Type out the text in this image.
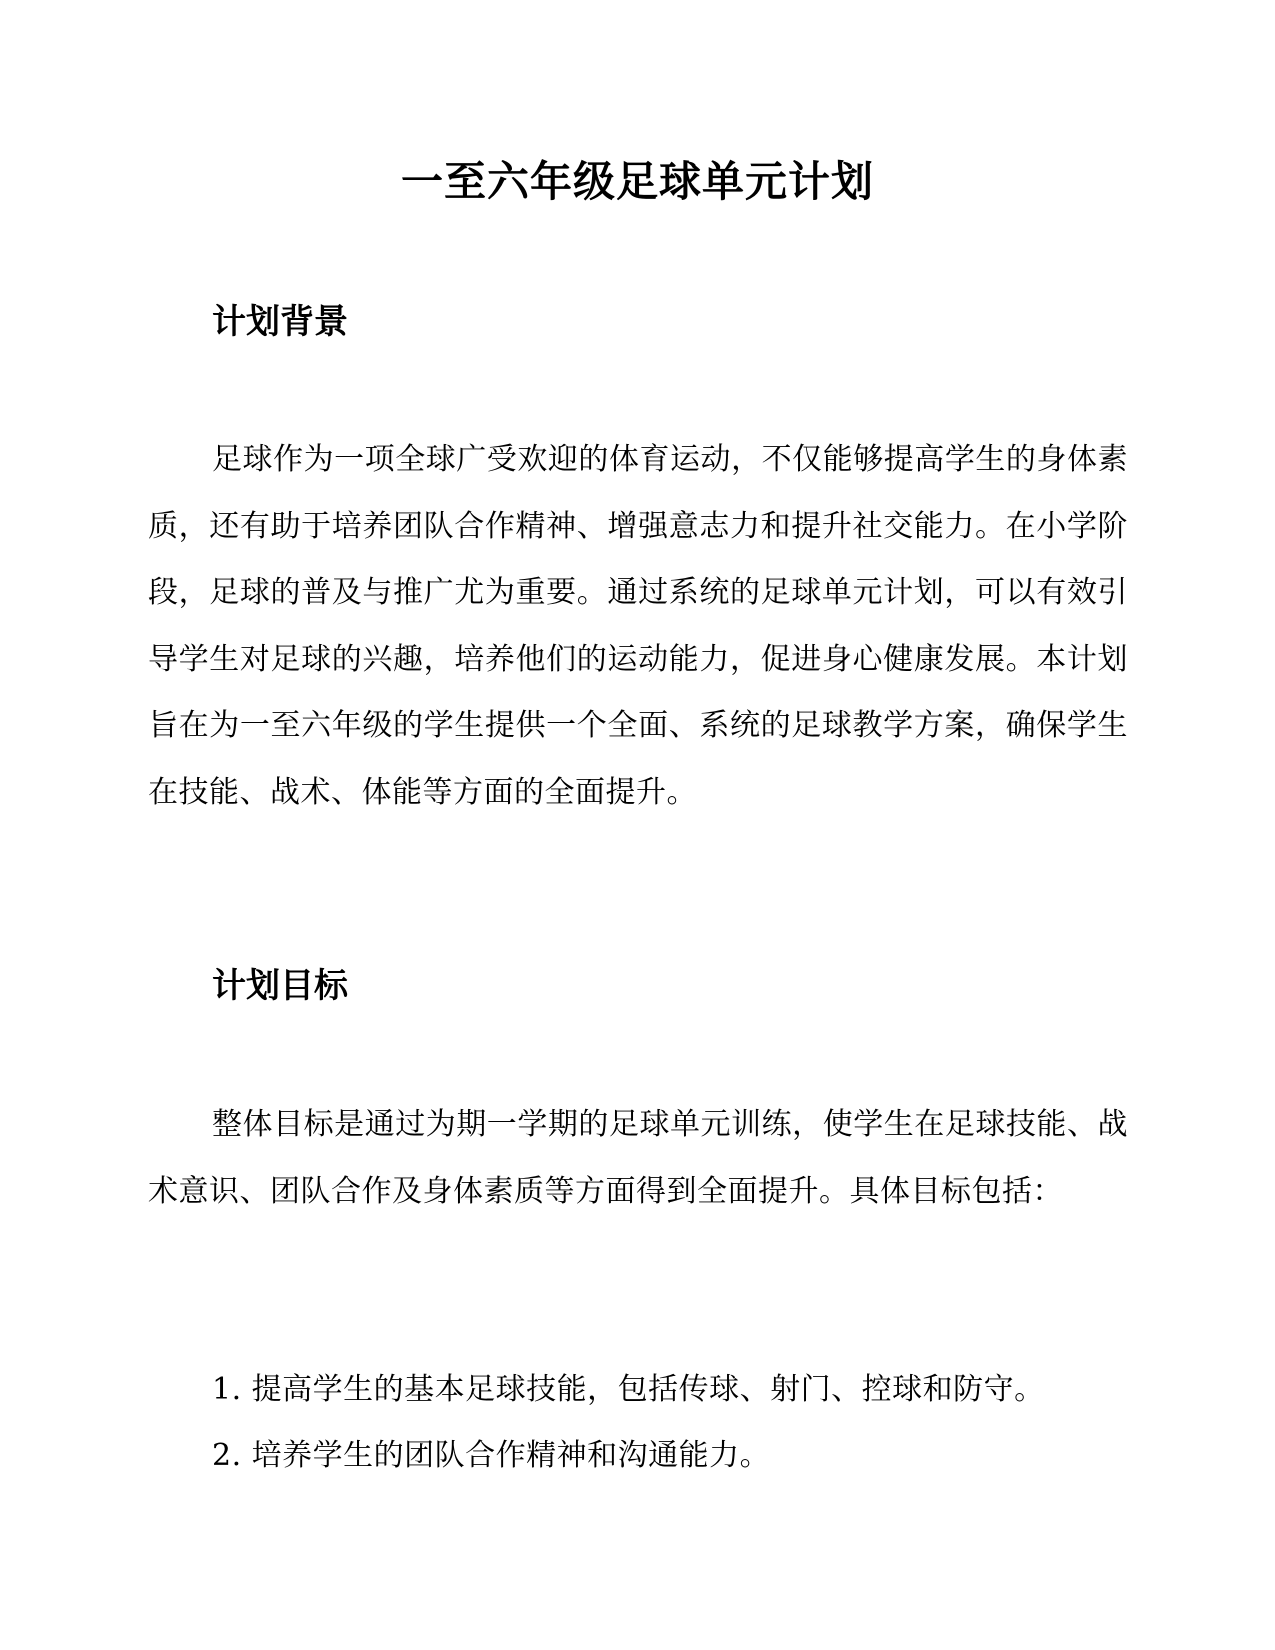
一至六年级足球单元计划
计划背景

足球作为一项全球广受欢迎的体育运动，不仅能够提高学生的身体素质，还有助于培养团队合作精神、增强意志力和提升社交能力。在小学阶段，足球的普及与推广尤为重要。通过系统的足球单元计划，可以有效引导学生对足球的兴趣，培养他们的运动能力，促进身心健康发展。本计划旨在为一至六年级的学生提供一个全面、系统的足球教学方案，确保学生在技能、战术、体能等方面的全面提升。

计划目标

整体目标是通过为期一学期的足球单元训练，使学生在足球技能、战术意识、团队合作及身体素质等方面得到全面提升。具体目标包括：

1. 提高学生的基本足球技能，包括传球、射门、控球和防守。
2. 培养学生的团队合作精神和沟通能力。
